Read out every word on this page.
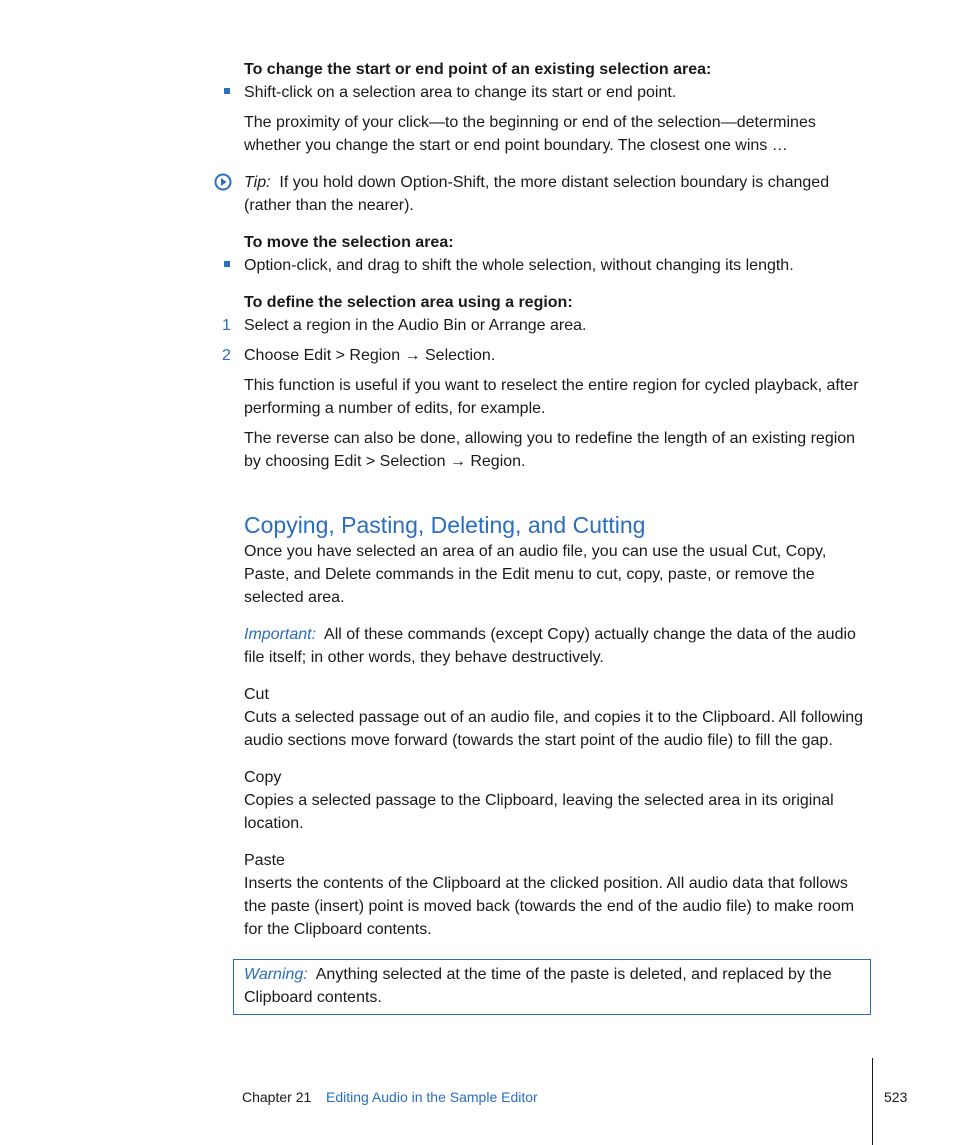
To change the start or end point of an existing selection area:
Shift-click on a selection area to change its start or end point.
The proximity of your click—to the beginning or end of the selection—determines whether you change the start or end point boundary. The closest one wins …
Tip: If you hold down Option-Shift, the more distant selection boundary is changed (rather than the nearer).
To move the selection area:
Option-click, and drag to shift the whole selection, without changing its length.
To define the selection area using a region:
1 Select a region in the Audio Bin or Arrange area.
2 Choose Edit > Region → Selection.
This function is useful if you want to reselect the entire region for cycled playback, after performing a number of edits, for example.
The reverse can also be done, allowing you to redefine the length of an existing region by choosing Edit > Selection → Region.
Copying, Pasting, Deleting, and Cutting
Once you have selected an area of an audio file, you can use the usual Cut, Copy, Paste, and Delete commands in the Edit menu to cut, copy, paste, or remove the selected area.
Important: All of these commands (except Copy) actually change the data of the audio file itself; in other words, they behave destructively.
Cut
Cuts a selected passage out of an audio file, and copies it to the Clipboard. All following audio sections move forward (towards the start point of the audio file) to fill the gap.
Copy
Copies a selected passage to the Clipboard, leaving the selected area in its original location.
Paste
Inserts the contents of the Clipboard at the clicked position. All audio data that follows the paste (insert) point is moved back (towards the end of the audio file) to make room for the Clipboard contents.
Warning: Anything selected at the time of the paste is deleted, and replaced by the Clipboard contents.
Chapter 21 Editing Audio in the Sample Editor	523
